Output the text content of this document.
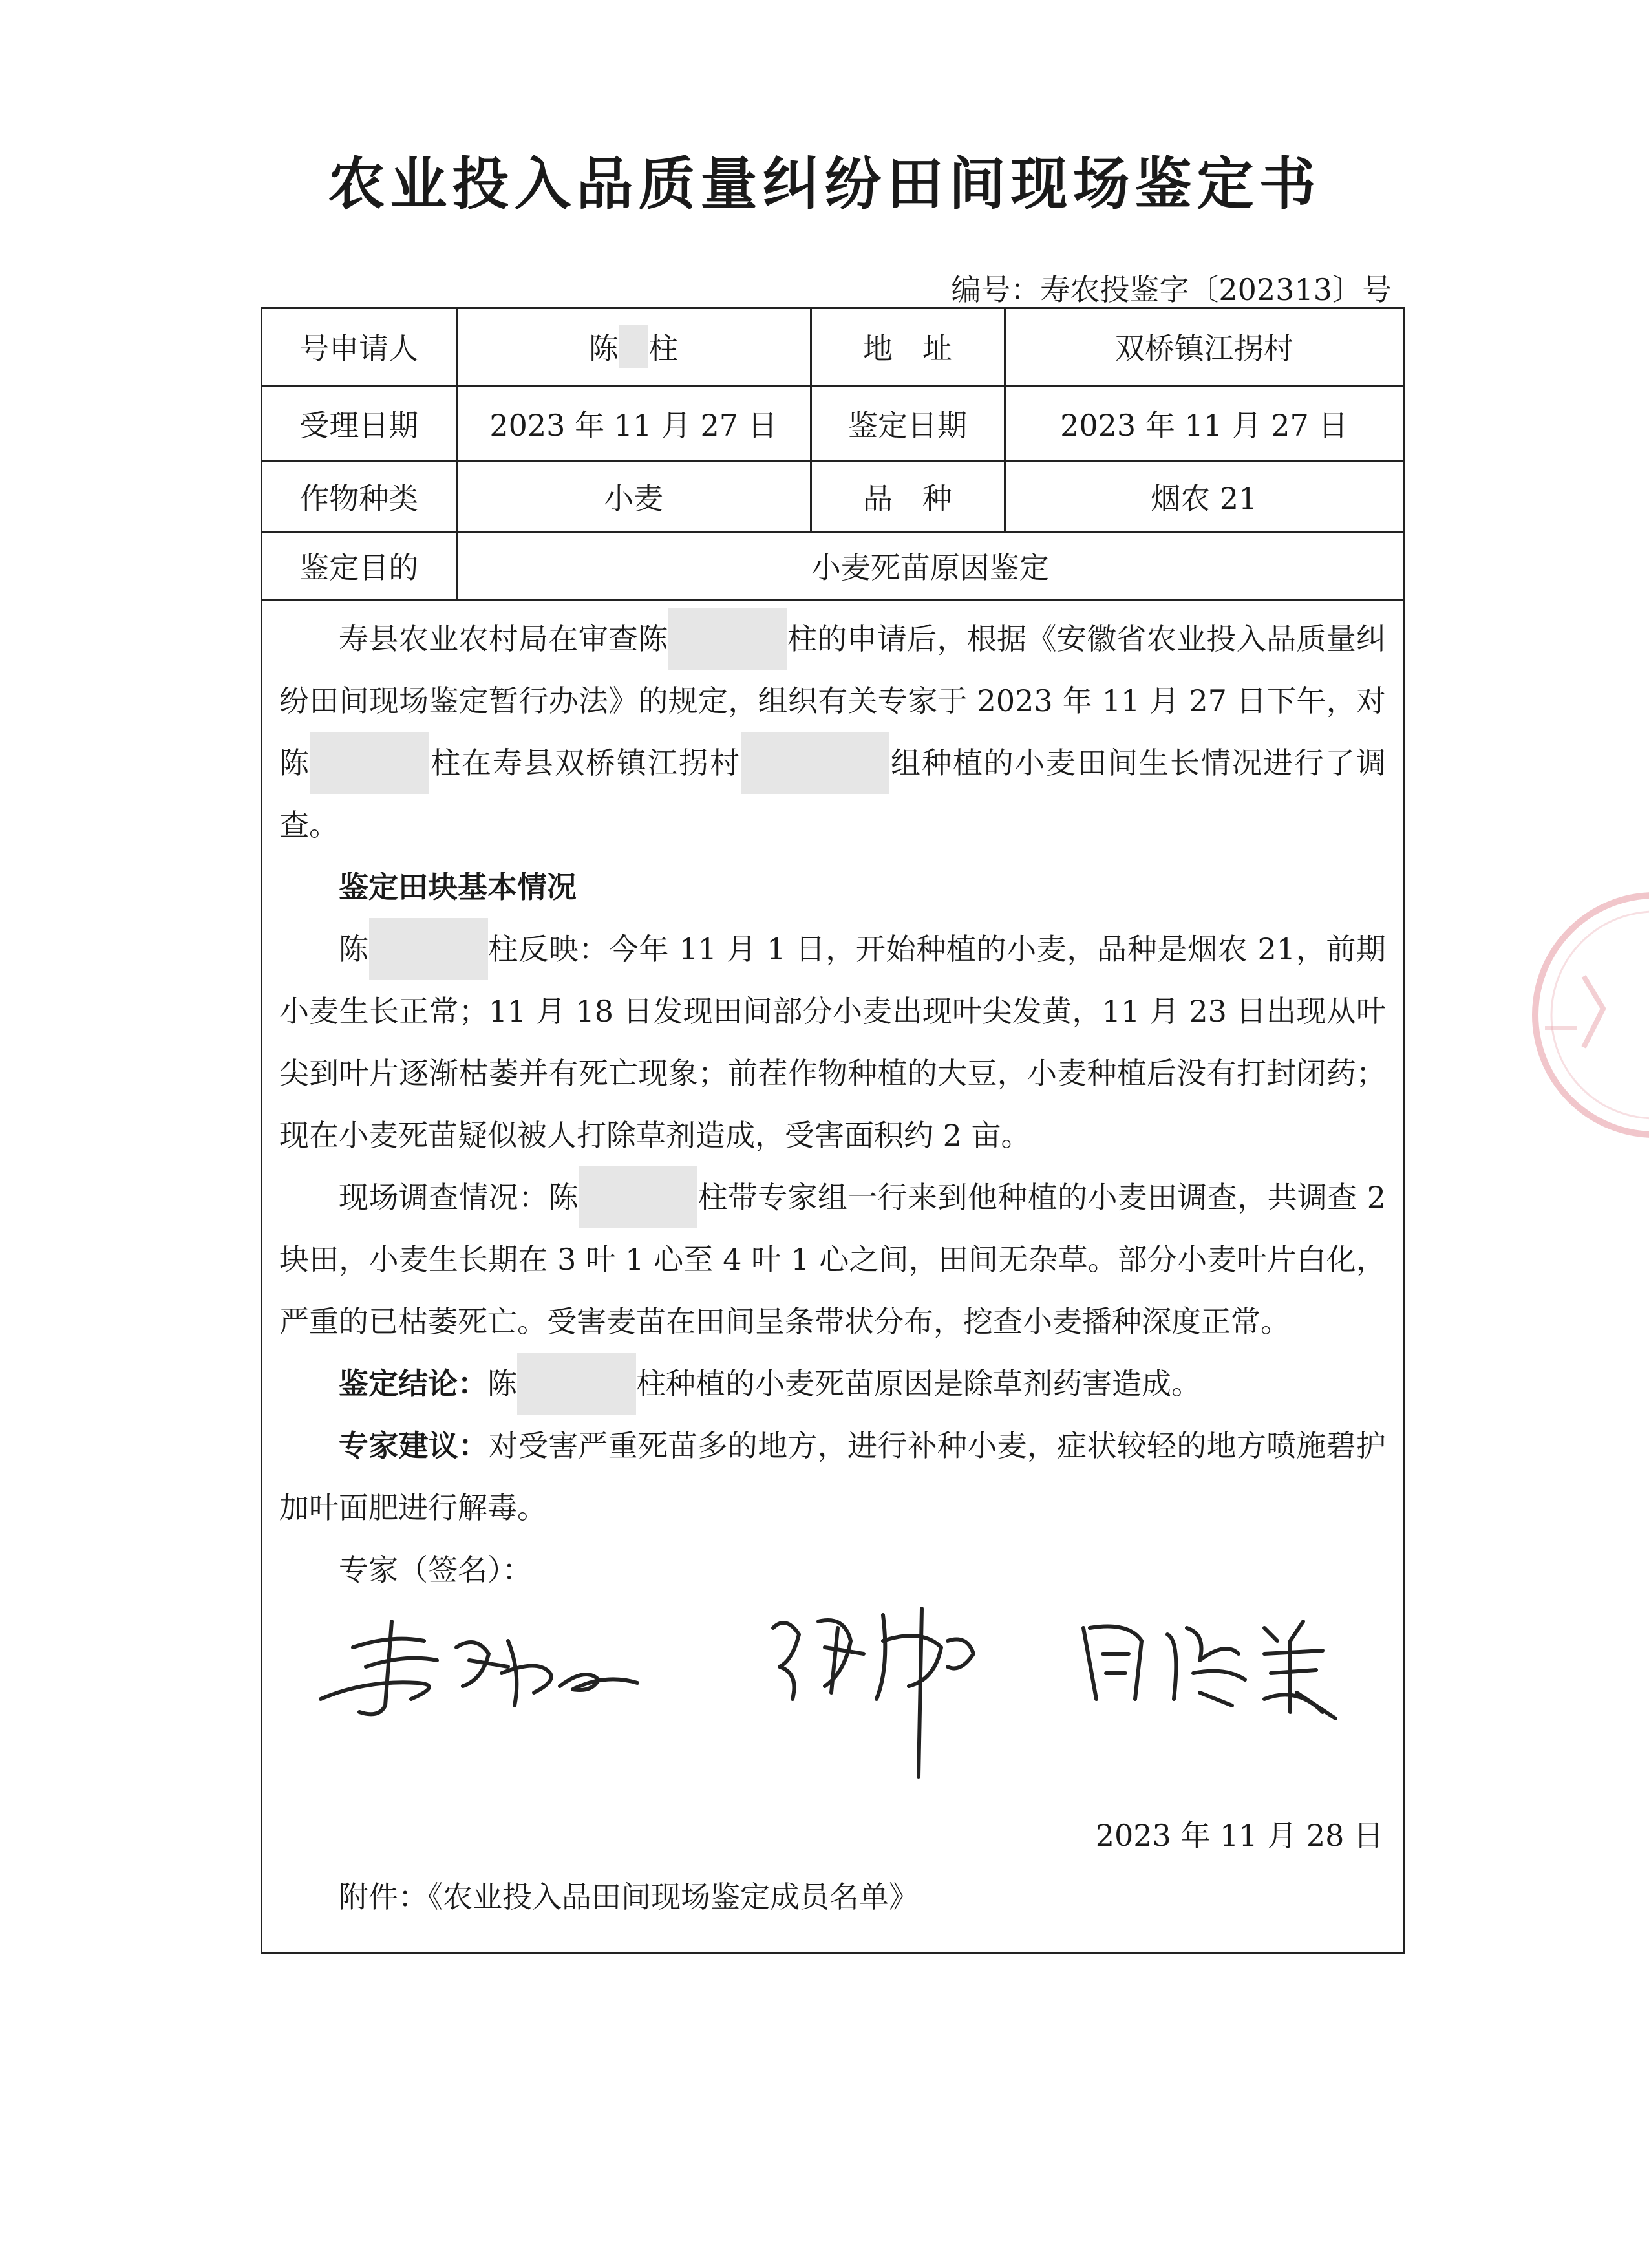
农业投入品质量纠纷田间现场鉴定书
编号：寿农投鉴字〔202313〕号
号申请人	陈 柱	地　址	双桥镇江拐村
受理日期	2023 年 11 月 27 日	鉴定日期	2023 年 11 月 27 日
作物种类	小麦	品　种	烟农 21
鉴定目的	小麦死苗原因鉴定		

寿县农业农村局在审查陈	柱的申请后，根据《安徽省农业投入品质量纠纷田间现场鉴定暂行办法》的规定，组织有关专家于 2023 年 11 月 27 日下午，对陈	柱在寿县双桥镇江拐村	组种植的小麦田间生长情况进行了调查。

鉴定田块基本情况

陈	柱反映：今年 11 月 1 日，开始种植的小麦，品种是烟农 21，前期小麦生长正常；11 月 18 日发现田间部分小麦出现叶尖发黄，11 月 23 日出现从叶尖到叶片逐渐枯萎并有死亡现象；前茬作物种植的大豆，小麦种植后没有打封闭药；现在小麦死苗疑似被人打除草剂造成，受害面积约 2 亩。

现场调查情况：陈	柱带专家组一行来到他种植的小麦田调查，共调查 2 块田，小麦生长期在 3 叶 1 心至 4 叶 1 心之间，田间无杂草。部分小麦叶片白化，严重的已枯萎死亡。受害麦苗在田间呈条带状分布，挖查小麦播种深度正常。

鉴定结论：陈	柱种植的小麦死苗原因是除草剂药害造成。

专家建议：对受害严重死苗多的地方，进行补种小麦，症状较轻的地方喷施碧护加叶面肥进行解毒。

专家（签名）：

2023 年 11 月 28 日
附件：《农业投入品田间现场鉴定成员名单》
